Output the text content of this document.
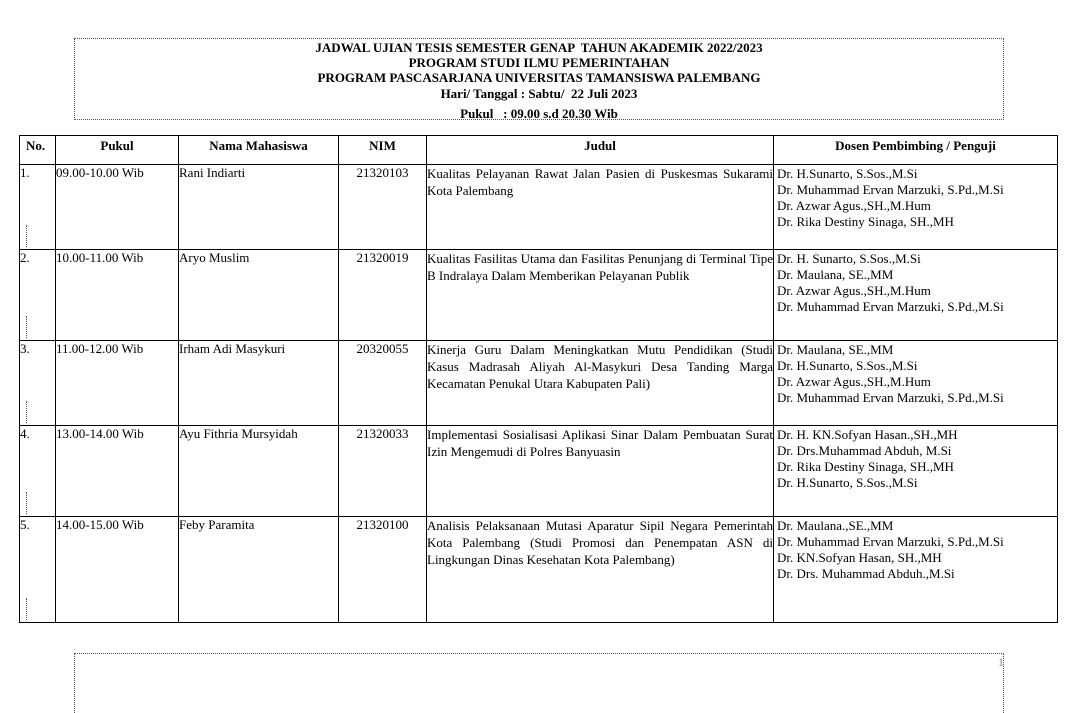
JADWAL UJIAN TESIS SEMESTER GENAP  TAHUN AKADEMIK 2022/2023
PROGRAM STUDI ILMU PEMERINTAHAN
PROGRAM PASCASARJANA UNIVERSITAS TAMANSISWA PALEMBANG
Hari/ Tanggal : Sabtu/  22 Juli 2023
Pukul   : 09.00 s.d 20.30 Wib
No.	Pukul	Nama Mahasiswa	NIM	Judul	Dosen Pembimbing / Penguji
1.	09.00-10.00 Wib	Rani Indiarti	21320103	Kualitas Pelayanan Rawat Jalan Pasien di Puskesmas Sukarami Kota Palembang	Dr. H.Sunarto, S.Sos.,M.Si
Dr. Muhammad Ervan Marzuki, S.Pd.,M.Si
Dr. Azwar Agus.,SH.,M.Hum
Dr. Rika Destiny Sinaga, SH.,MH

2.	10.00-11.00 Wib	Aryo Muslim	21320019	Kualitas Fasilitas Utama dan Fasilitas Penunjang di Terminal Tipe B Indralaya Dalam Memberikan Pelayanan Publik	Dr. H. Sunarto, S.Sos.,M.Si
Dr. Maulana, SE.,MM
Dr. Azwar Agus.,SH.,M.Hum
Dr. Muhammad Ervan Marzuki, S.Pd.,M.Si

3.	11.00-12.00 Wib	Irham Adi Masykuri	20320055	Kinerja Guru Dalam Meningkatkan Mutu Pendidikan (Studi Kasus Madrasah Aliyah Al-Masykuri Desa Tanding Marga Kecamatan Penukal Utara Kabupaten Pali)	Dr. Maulana, SE.,MM
Dr. H.Sunarto, S.Sos.,M.Si
Dr. Azwar Agus.,SH.,M.Hum
Dr. Muhammad Ervan Marzuki, S.Pd.,M.Si

4.	13.00-14.00 Wib	Ayu Fithria Mursyidah	21320033	Implementasi Sosialisasi Aplikasi Sinar Dalam Pembuatan Surat Izin Mengemudi di Polres Banyuasin	Dr. H. KN.Sofyan Hasan.,SH.,MH
Dr. Drs.Muhammad Abduh, M.Si
Dr. Rika Destiny Sinaga, SH.,MH
Dr. H.Sunarto, S.Sos.,M.Si

5.	14.00-15.00 Wib	Feby Paramita	21320100	Analisis Pelaksanaan Mutasi Aparatur Sipil Negara Pemerintah Kota Palembang (Studi Promosi dan Penempatan ASN di Lingkungan Dinas Kesehatan Kota Palembang)	Dr. Maulana.,SE.,MM
Dr. Muhammad Ervan Marzuki, S.Pd.,M.Si
Dr. KN.Sofyan Hasan, SH.,MH
Dr. Drs. Muhammad Abduh.,M.Si
1
